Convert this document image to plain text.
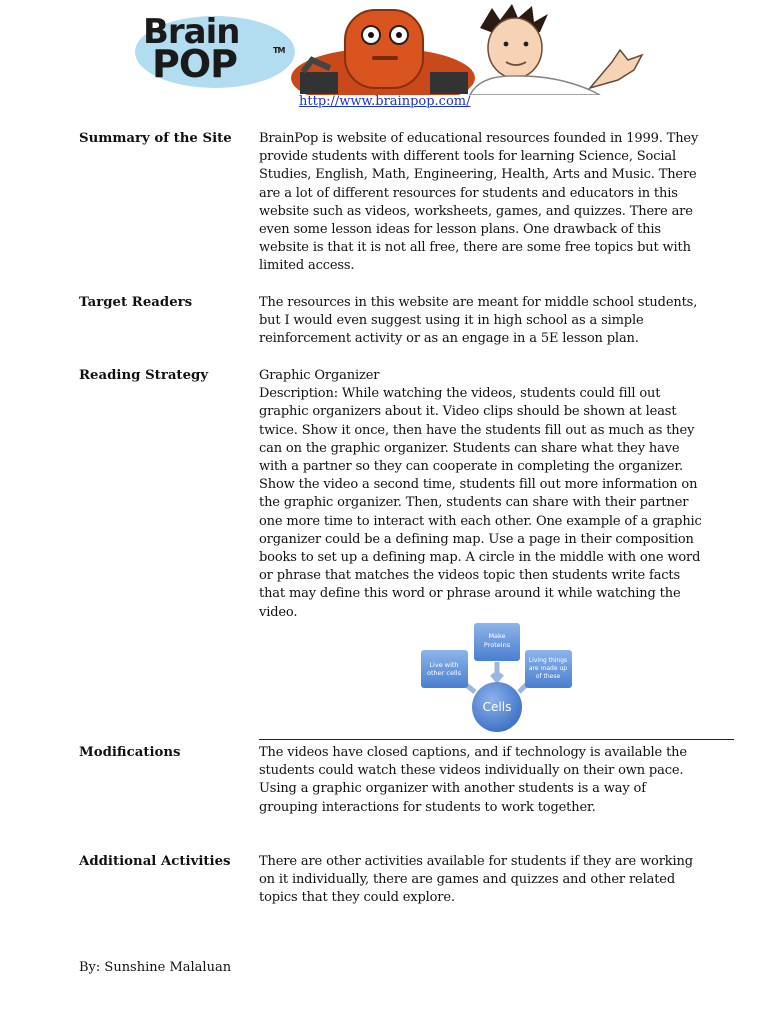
Brain
POP	TM
http://www.brainpop.com/
Summary of the Site	BrainPop is website of educational resources founded in 1999. They provide students with different tools for learning Science, Social Studies, English, Math, Engineering, Health, Arts and Music. There are a lot of different resources for students and educators in this website such as videos, worksheets, games, and quizzes. There are even some lesson ideas for lesson plans. One drawback of this website is that it is not all free, there are some free topics but with limited access.
Target Readers	The resources in this website are meant for middle school students, but I would even suggest using it in high school as a simple reinforcement activity or as an engage in a 5E lesson plan.
Reading Strategy	Graphic Organizer

Description: While watching the videos, students could fill out graphic organizers about it. Video clips should be shown at least twice. Show it once, then have the students fill out as much as they can on the graphic organizer. Students can share what they have with a partner so they can cooperate in completing the organizer. Show the video a second time, students fill out more information on the graphic organizer. Then, students can share with their partner one more time to interact with each other. One example of a graphic organizer could be a defining map. Use a page in their composition books to set up a defining map. A circle in the middle with one word or phrase that matches the videos topic then students write facts that may define this word or phrase around it while watching the video.

Make
Proteins
Live with
other cells
Living things
are made up
of these
Cells
Modifications	The videos have closed captions, and if technology is available the students could watch these videos individually on their own pace. Using a graphic organizer with another students is a way of grouping interactions for students to work together.
Additional Activities	There are other activities available for students if they are working on it individually, there are games and quizzes and other related topics that they could explore.
By: Sunshine Malaluan
